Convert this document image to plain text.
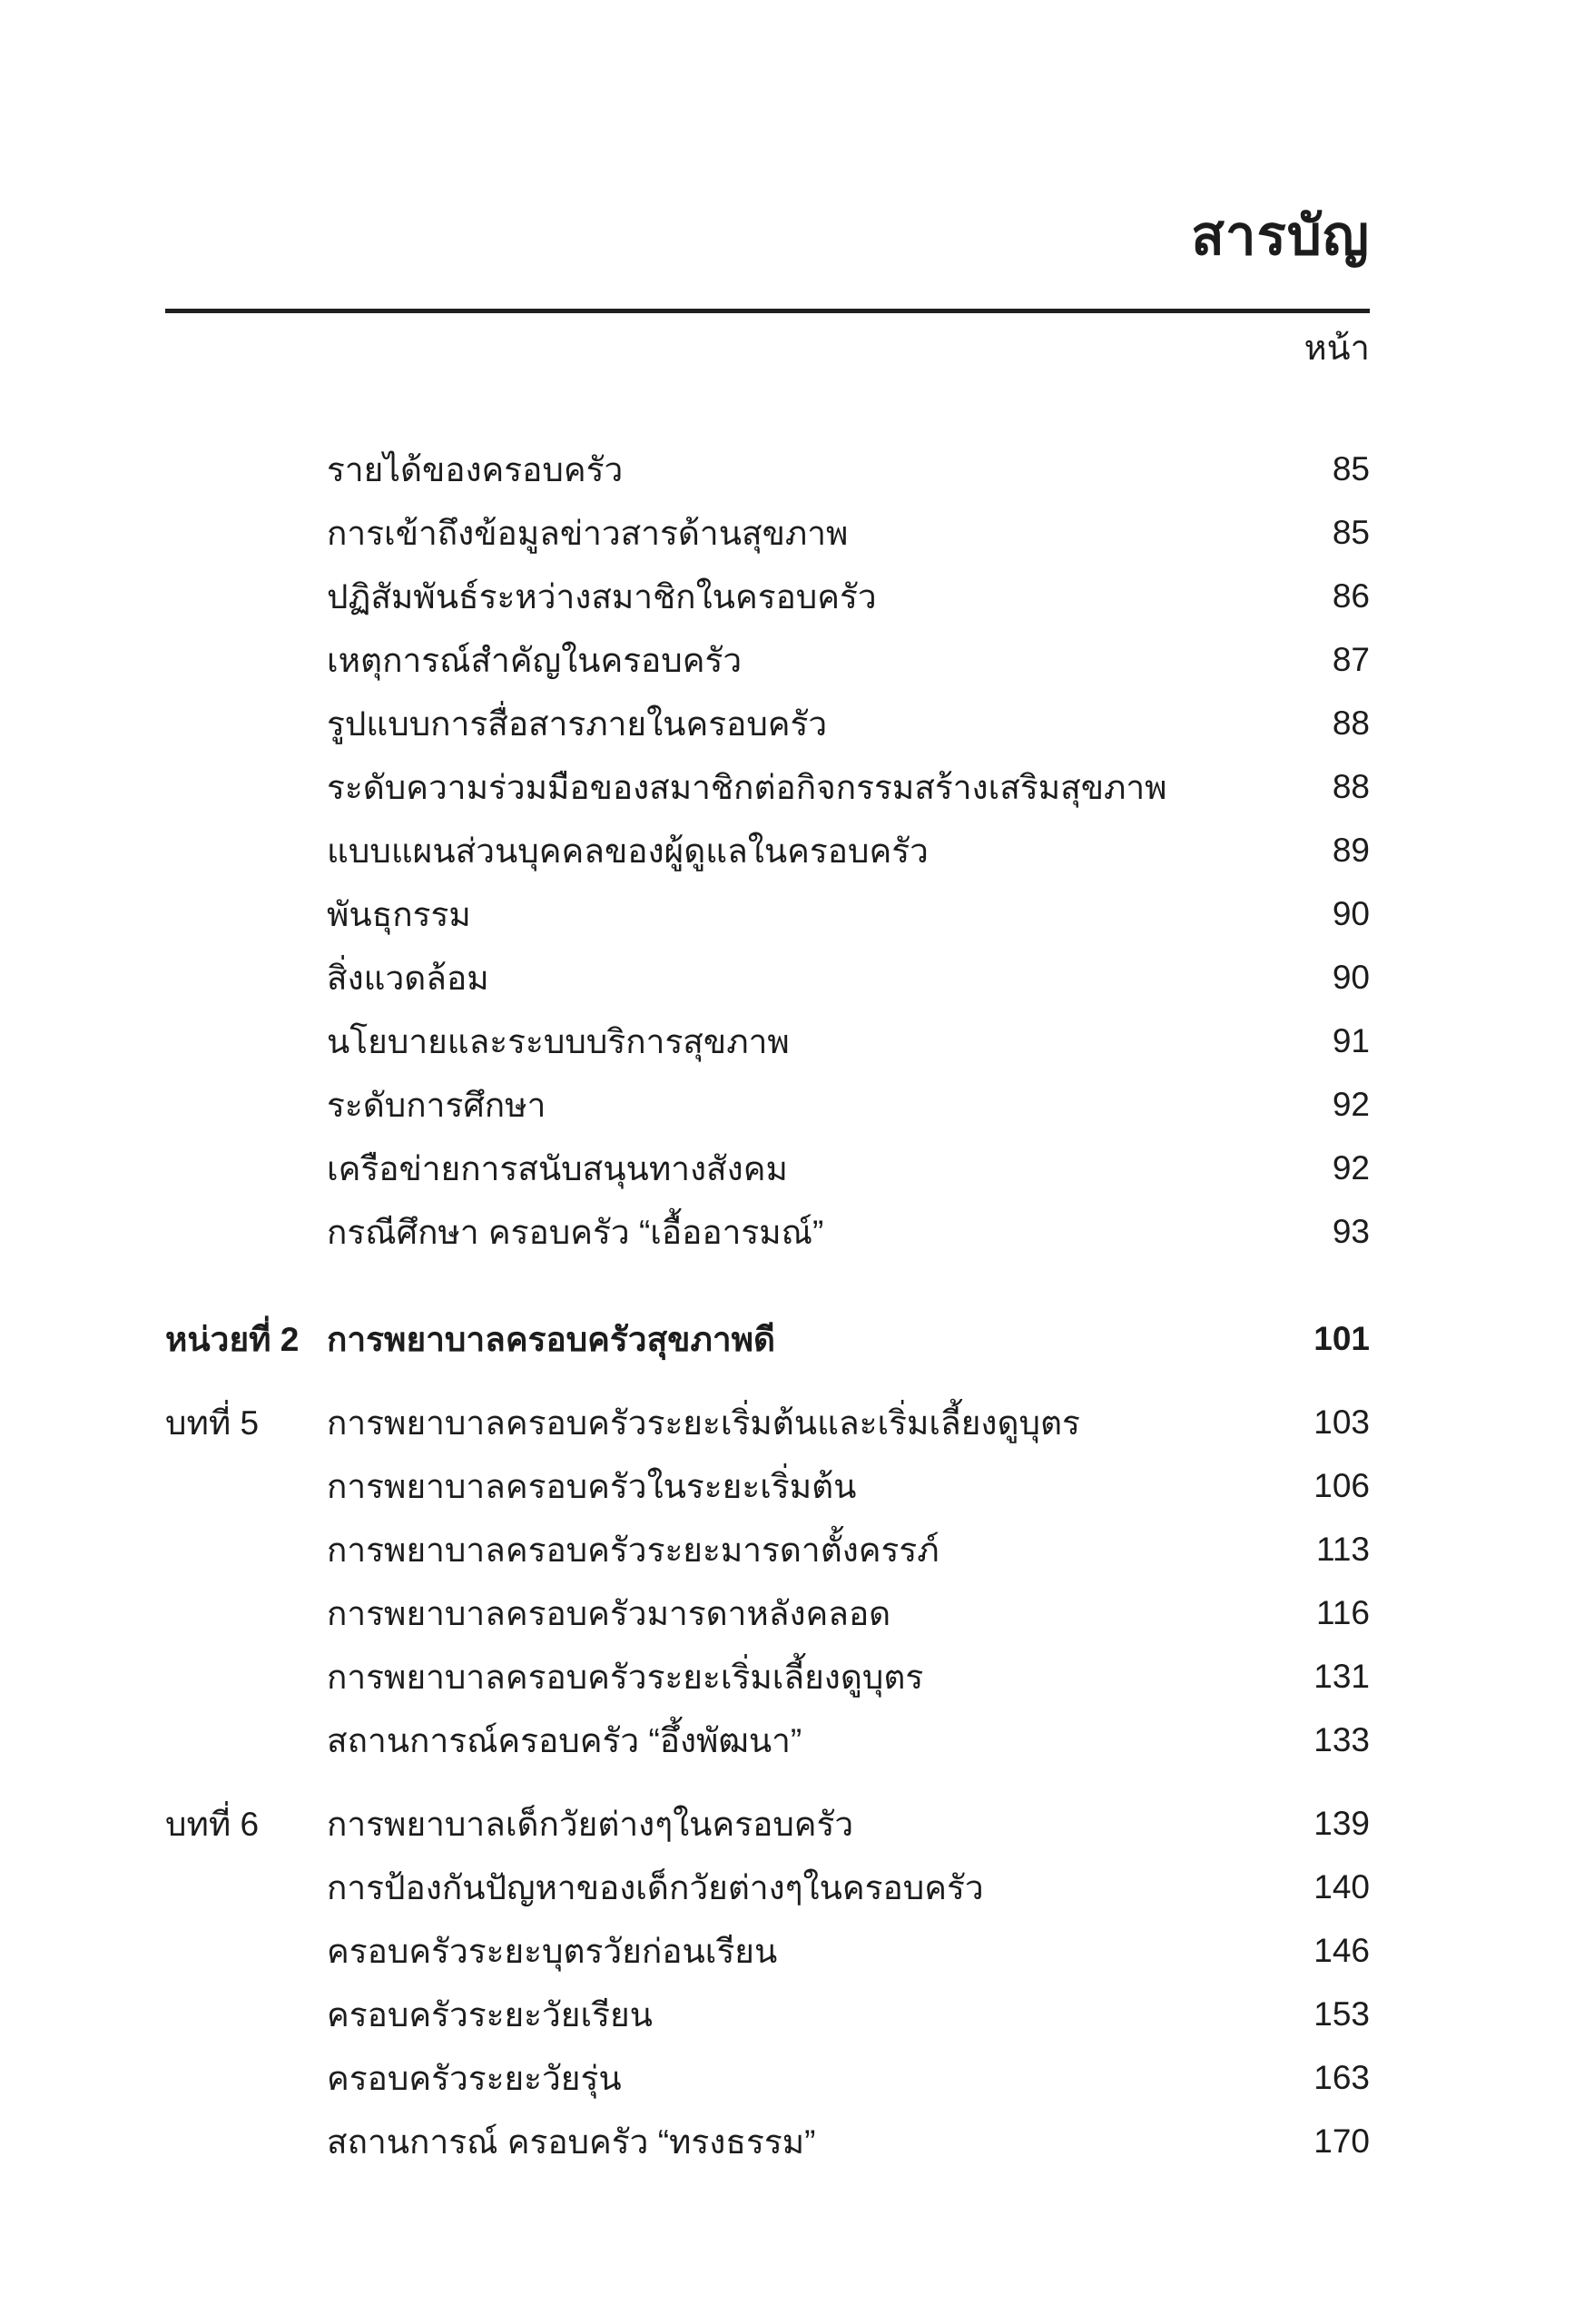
สารบัญ
หน้า
รายได้ของครอบครัว	85
การเข้าถึงข้อมูลข่าวสารด้านสุขภาพ	85
ปฏิสัมพันธ์ระหว่างสมาชิกในครอบครัว	86
เหตุการณ์สำคัญในครอบครัว	87
รูปแบบการสื่อสารภายในครอบครัว	88
ระดับความร่วมมือของสมาชิกต่อกิจกรรมสร้างเสริมสุขภาพ	88
แบบแผนส่วนบุคคลของผู้ดูแลในครอบครัว	89
พันธุกรรม	90
สิ่งแวดล้อม	90
นโยบายและระบบบริการสุขภาพ	91
ระดับการศึกษา	92
เครือข่ายการสนับสนุนทางสังคม	92
กรณีศึกษา ครอบครัว “เอื้ออารมณ์”	93
หน่วยที่ 2 การพยาบาลครอบครัวสุขภาพดี	101
บทที่ 5	การพยาบาลครอบครัวระยะเริ่มต้นและเริ่มเลี้ยงดูบุตร	103
การพยาบาลครอบครัวในระยะเริ่มต้น	106
การพยาบาลครอบครัวระยะมารดาตั้งครรภ์	113
การพยาบาลครอบครัวมารดาหลังคลอด	116
การพยาบาลครอบครัวระยะเริ่มเลี้ยงดูบุตร	131
สถานการณ์ครอบครัว “อึ้งพัฒนา”	133
บทที่ 6	การพยาบาลเด็กวัยต่างๆในครอบครัว	139
การป้องกันปัญหาของเด็กวัยต่างๆในครอบครัว	140
ครอบครัวระยะบุตรวัยก่อนเรียน	146
ครอบครัวระยะวัยเรียน	153
ครอบครัวระยะวัยรุ่น	163
สถานการณ์ ครอบครัว “ทรงธรรม”	170
